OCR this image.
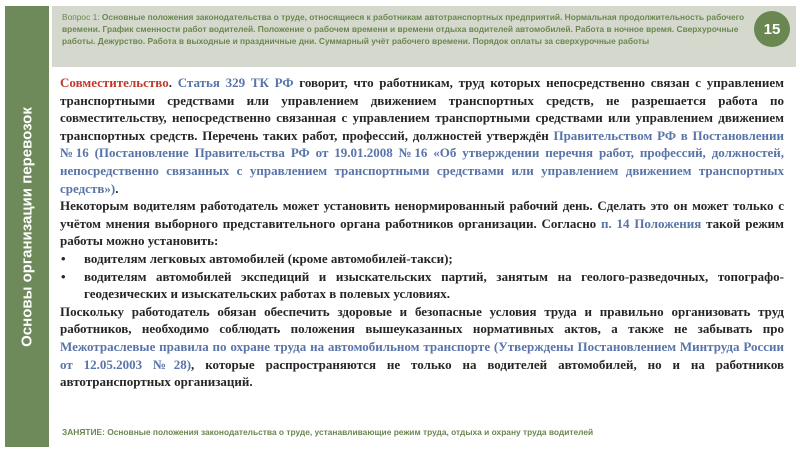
Основы организации перевозок

Вопрос 1: Основные положения законодательства о труде, относящиеся к работникам автотранспортных предприятий. Нормальная продолжительность рабочего времени. График сменности работ водителей. Положение о рабочем времени и времени отдыха водителей автомобилей. Работа в ночное время. Сверхурочные работы. Дежурство. Работа в выходные и праздничные дни. Суммарный учёт рабочего времени. Порядок оплаты за сверхурочные работы

15

Совместительство. Статья 329 ТК РФ говорит, что работникам, труд которых непосредственно связан с управлением транспортными средствами или управлением движением транспортных средств, не разрешается работа по совместительству, непосредственно связанная с управлением транспортными средствами или управлением движением транспортных средств. Перечень таких работ, профессий, должностей утверждён Правительством РФ в Постановлении №16 (Постановление Правительства РФ от 19.01.2008 №16 «Об утверждении перечня работ, профессий, должностей, непосредственно связанных с управлением транспортными средствами или управлением движением транспортных средств»).

Некоторым водителям работодатель может установить ненормированный рабочий день. Сделать это он может только с учётом мнения выборного представительного органа работников организации. Согласно п. 14 Положения такой режим работы можно установить:

• водителям легковых автомобилей (кроме автомобилей-такси);
• водителям автомобилей экспедиций и изыскательских партий, занятым на геолого-разведочных, топографо-геодезических и изыскательских работах в полевых условиях.

Поскольку работодатель обязан обеспечить здоровые и безопасные условия труда и правильно организовать труд работников, необходимо соблюдать положения вышеуказанных нормативных актов, а также не забывать про Межотраслевые правила по охране труда на автомобильном транспорте (Утверждены Постановлением Минтруда России от 12.05.2003 №28), которые распространяются не только на водителей автомобилей, но и на работников автотранспортных организаций.

ЗАНЯТИЕ: Основные положения законодательства о труде, устанавливающие режим труда, отдыха и охрану труда водителей
